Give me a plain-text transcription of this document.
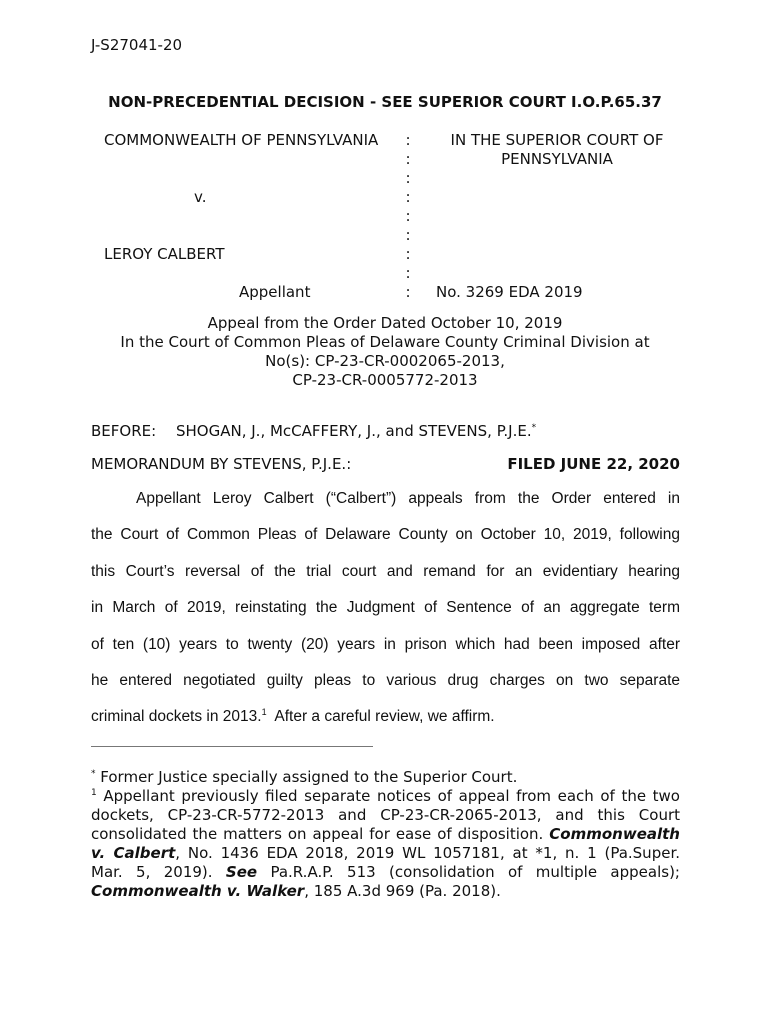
J-S27041-20
NON-PRECEDENTIAL DECISION - SEE SUPERIOR COURT I.O.P.65.37
COMMONWEALTH OF PENNSYLVANIA
v.
LEROY CALBERT
Appellant
:
:
:
:
:
:
:
:
:
IN THE SUPERIOR COURT OF
PENNSYLVANIA
No. 3269 EDA 2019
Appeal from the Order Dated October 10, 2019
In the Court of Common Pleas of Delaware County Criminal Division at
No(s): CP-23-CR-0002065-2013,
CP-23-CR-0005772-2013
BEFORE: SHOGAN, J., McCAFFERY, J., and STEVENS, P.J.E.*
MEMORANDUM BY STEVENS, P.J.E.:	FILED JUNE 22, 2020
Appellant Leroy Calbert (“Calbert”) appeals from the Order entered in
the Court of Common Pleas of Delaware County on October 10, 2019, following
this Court’s reversal of the trial court and remand for an evidentiary hearing
in March of 2019, reinstating the Judgment of Sentence of an aggregate term
of ten (10) years to twenty (20) years in prison which had been imposed after
he entered negotiated guilty pleas to various drug charges on two separate
criminal dockets in 2013.$^1$  After a careful review, we affirm.
* Former Justice specially assigned to the Superior Court.
$^1$ Appellant previously filed separate notices of appeal from each of the two
dockets, CP-23-CR-5772-2013 and CP-23-CR-2065-2013, and this Court
consolidated the matters on appeal for ease of disposition. Commonwealth
v. Calbert, No. 1436 EDA 2018, 2019 WL 1057181, at *1, n. 1 (Pa.Super.
Mar. 5, 2019). See Pa.R.A.P. 513 (consolidation of multiple appeals);
Commonwealth v. Walker, 185 A.3d 969 (Pa. 2018).
